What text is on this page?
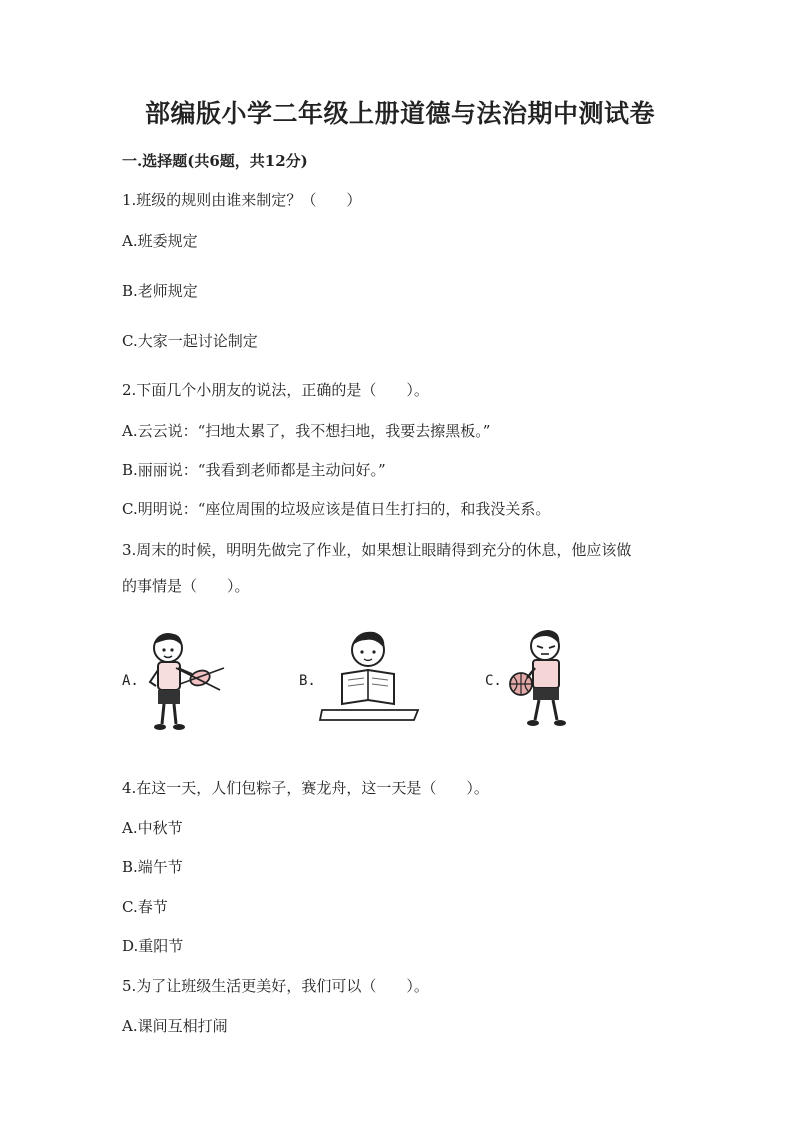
部编版小学二年级上册道德与法治期中测试卷
一.选择题(共6题，共12分)
1.班级的规则由谁来制定？（　　）
A.班委规定
B.老师规定
C.大家一起讨论制定
2.下面几个小朋友的说法，正确的是（　　）。
A.云云说：“扫地太累了，我不想扫地，我要去擦黑板。”
B.丽丽说：“我看到老师都是主动问好。”
C.明明说：“座位周围的垃圾应该是值日生打扫的，和我没关系。
3.周末的时候，明明先做完了作业，如果想让眼睛得到充分的休息，他应该做
的事情是（　　）。
A.	B.	C.
4.在这一天，人们包粽子，赛龙舟，这一天是（　　）。
A.中秋节
B.端午节
C.春节
D.重阳节
5.为了让班级生活更美好，我们可以（　　）。
A.课间互相打闹
